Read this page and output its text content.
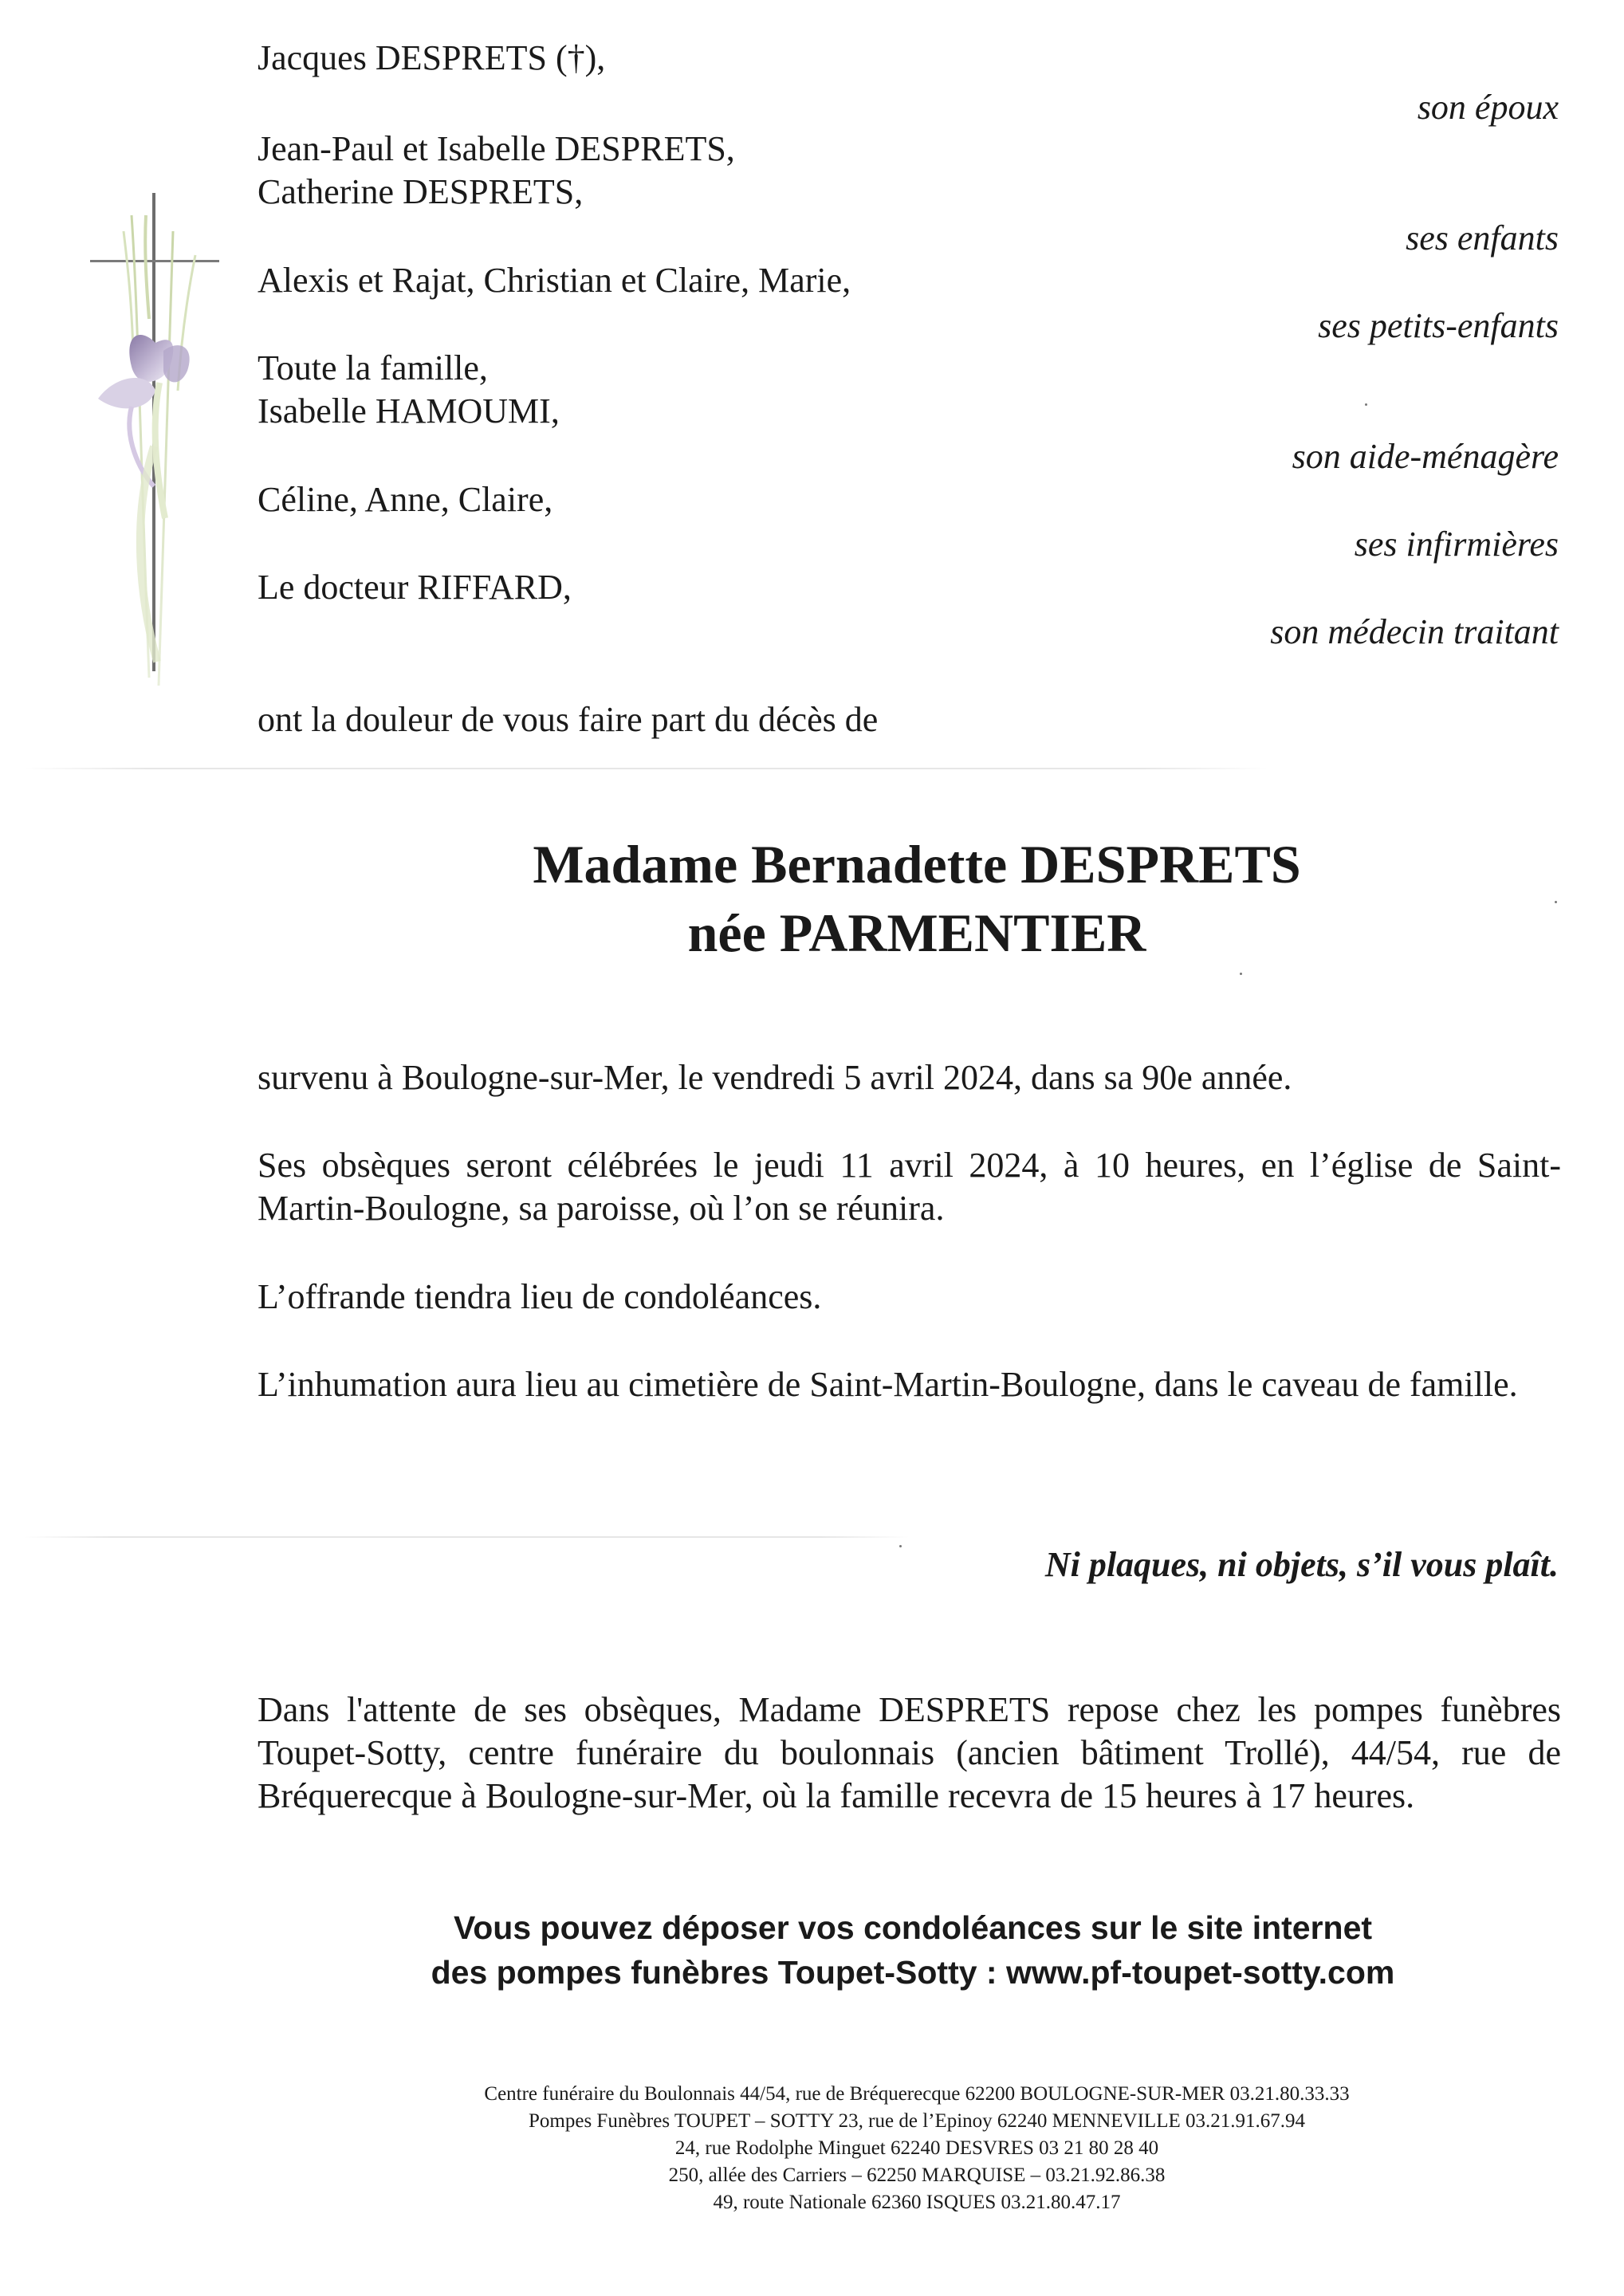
Jacques DESPRETS (†),
Jean-Paul et Isabelle DESPRETS,
Catherine DESPRETS,
Alexis et Rajat, Christian et Claire, Marie,
Toute la famille,
Isabelle HAMOUMI,
Céline, Anne, Claire,
Le docteur RIFFARD,
son époux
ses enfants
ses petits-enfants
son aide-ménagère
ses infirmières
son médecin traitant
ont la douleur de vous faire part du décès de
Madame Bernadette DESPRETS
née PARMENTIER
survenu à Boulogne-sur-Mer, le vendredi 5 avril 2024, dans sa 90e année.
Ses obsèques seront célébrées le jeudi 11 avril 2024, à 10 heures, en l’église de Saint-Martin-Boulogne, sa paroisse, où l’on se réunira.
L’offrande tiendra lieu de condoléances.
L’inhumation aura lieu au cimetière de Saint-Martin-Boulogne, dans le caveau de famille.
Ni plaques, ni objets, s’il vous plaît.
Dans l'attente de ses obsèques, Madame DESPRETS repose chez les pompes funèbres Toupet-Sotty, centre funéraire du boulonnais (ancien bâtiment Trollé), 44/54, rue de Bréquerecque à Boulogne-sur-Mer, où la famille recevra de 15 heures à 17 heures.
Vous pouvez déposer vos condoléances sur le site internet
des pompes funèbres Toupet-Sotty : www.pf-toupet-sotty.com
Centre funéraire du Boulonnais 44/54, rue de Bréquerecque 62200 BOULOGNE-SUR-MER 03.21.80.33.33
Pompes Funèbres TOUPET – SOTTY 23, rue de l’Epinoy 62240 MENNEVILLE 03.21.91.67.94
24, rue Rodolphe Minguet 62240 DESVRES 03 21 80 28 40
250, allée des Carriers – 62250 MARQUISE – 03.21.92.86.38
49, route Nationale 62360 ISQUES 03.21.80.47.17
